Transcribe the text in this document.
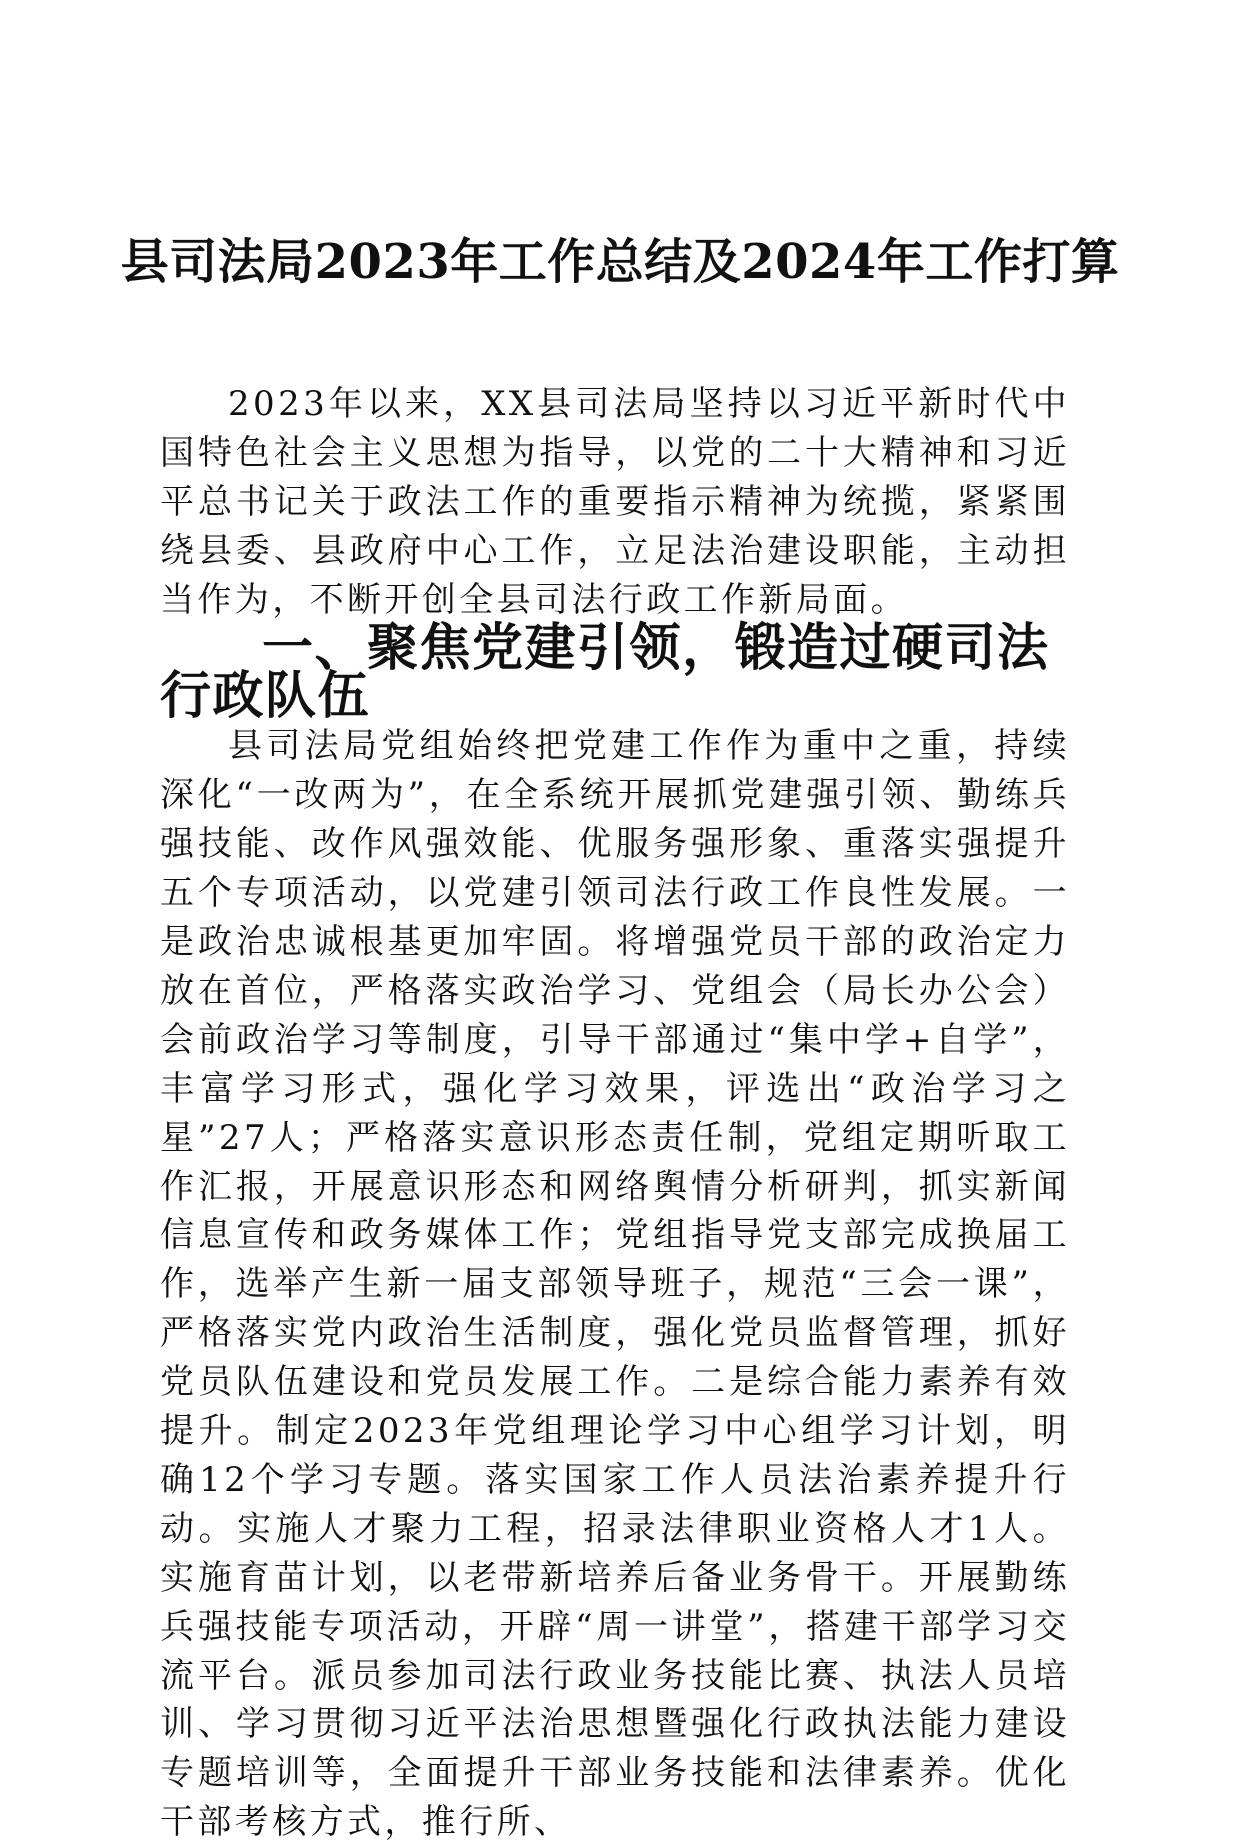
县司法局2023年工作总结及2024年工作打算

2023年以来，XX县司法局坚持以习近平新时代中国特色社会主义思想为指导，以党的二十大精神和习近平总书记关于政法工作的重要指示精神为统揽，紧紧围绕县委、县政府中心工作，立足法治建设职能，主动担当作为，不断开创全县司法行政工作新局面。

一、聚焦党建引领，锻造过硬司法行政队伍

县司法局党组始终把党建工作作为重中之重，持续深化“一改两为”，在全系统开展抓党建强引领、勤练兵强技能、改作风强效能、优服务强形象、重落实强提升五个专项活动，以党建引领司法行政工作良性发展。一是政治忠诚根基更加牢固。将增强党员干部的政治定力放在首位，严格落实政治学习、党组会（局长办公会）会前政治学习等制度，引导干部通过“集中学+自学”，丰富学习形式，强化学习效果，评选出“政治学习之星”27人；严格落实意识形态责任制，党组定期听取工作汇报，开展意识形态和网络舆情分析研判，抓实新闻信息宣传和政务媒体工作；党组指导党支部完成换届工作，选举产生新一届支部领导班子，规范“三会一课”，严格落实党内政治生活制度，强化党员监督管理，抓好党员队伍建设和党员发展工作。二是综合能力素养有效提升。制定2023年党组理论学习中心组学习计划，明确12个学习专题。落实国家工作人员法治素养提升行动。实施人才聚力工程，招录法律职业资格人才1人。实施育苗计划，以老带新培养后备业务骨干。开展勤练兵强技能专项活动，开辟“周一讲堂”，搭建干部学习交流平台。派员参加司法行政业务技能比赛、执法人员培训、学习贯彻习近平法治思想暨强化行政执法能力建设专题培训等，全面提升干部业务技能和法律素养。优化干部考核方式，推行所、
